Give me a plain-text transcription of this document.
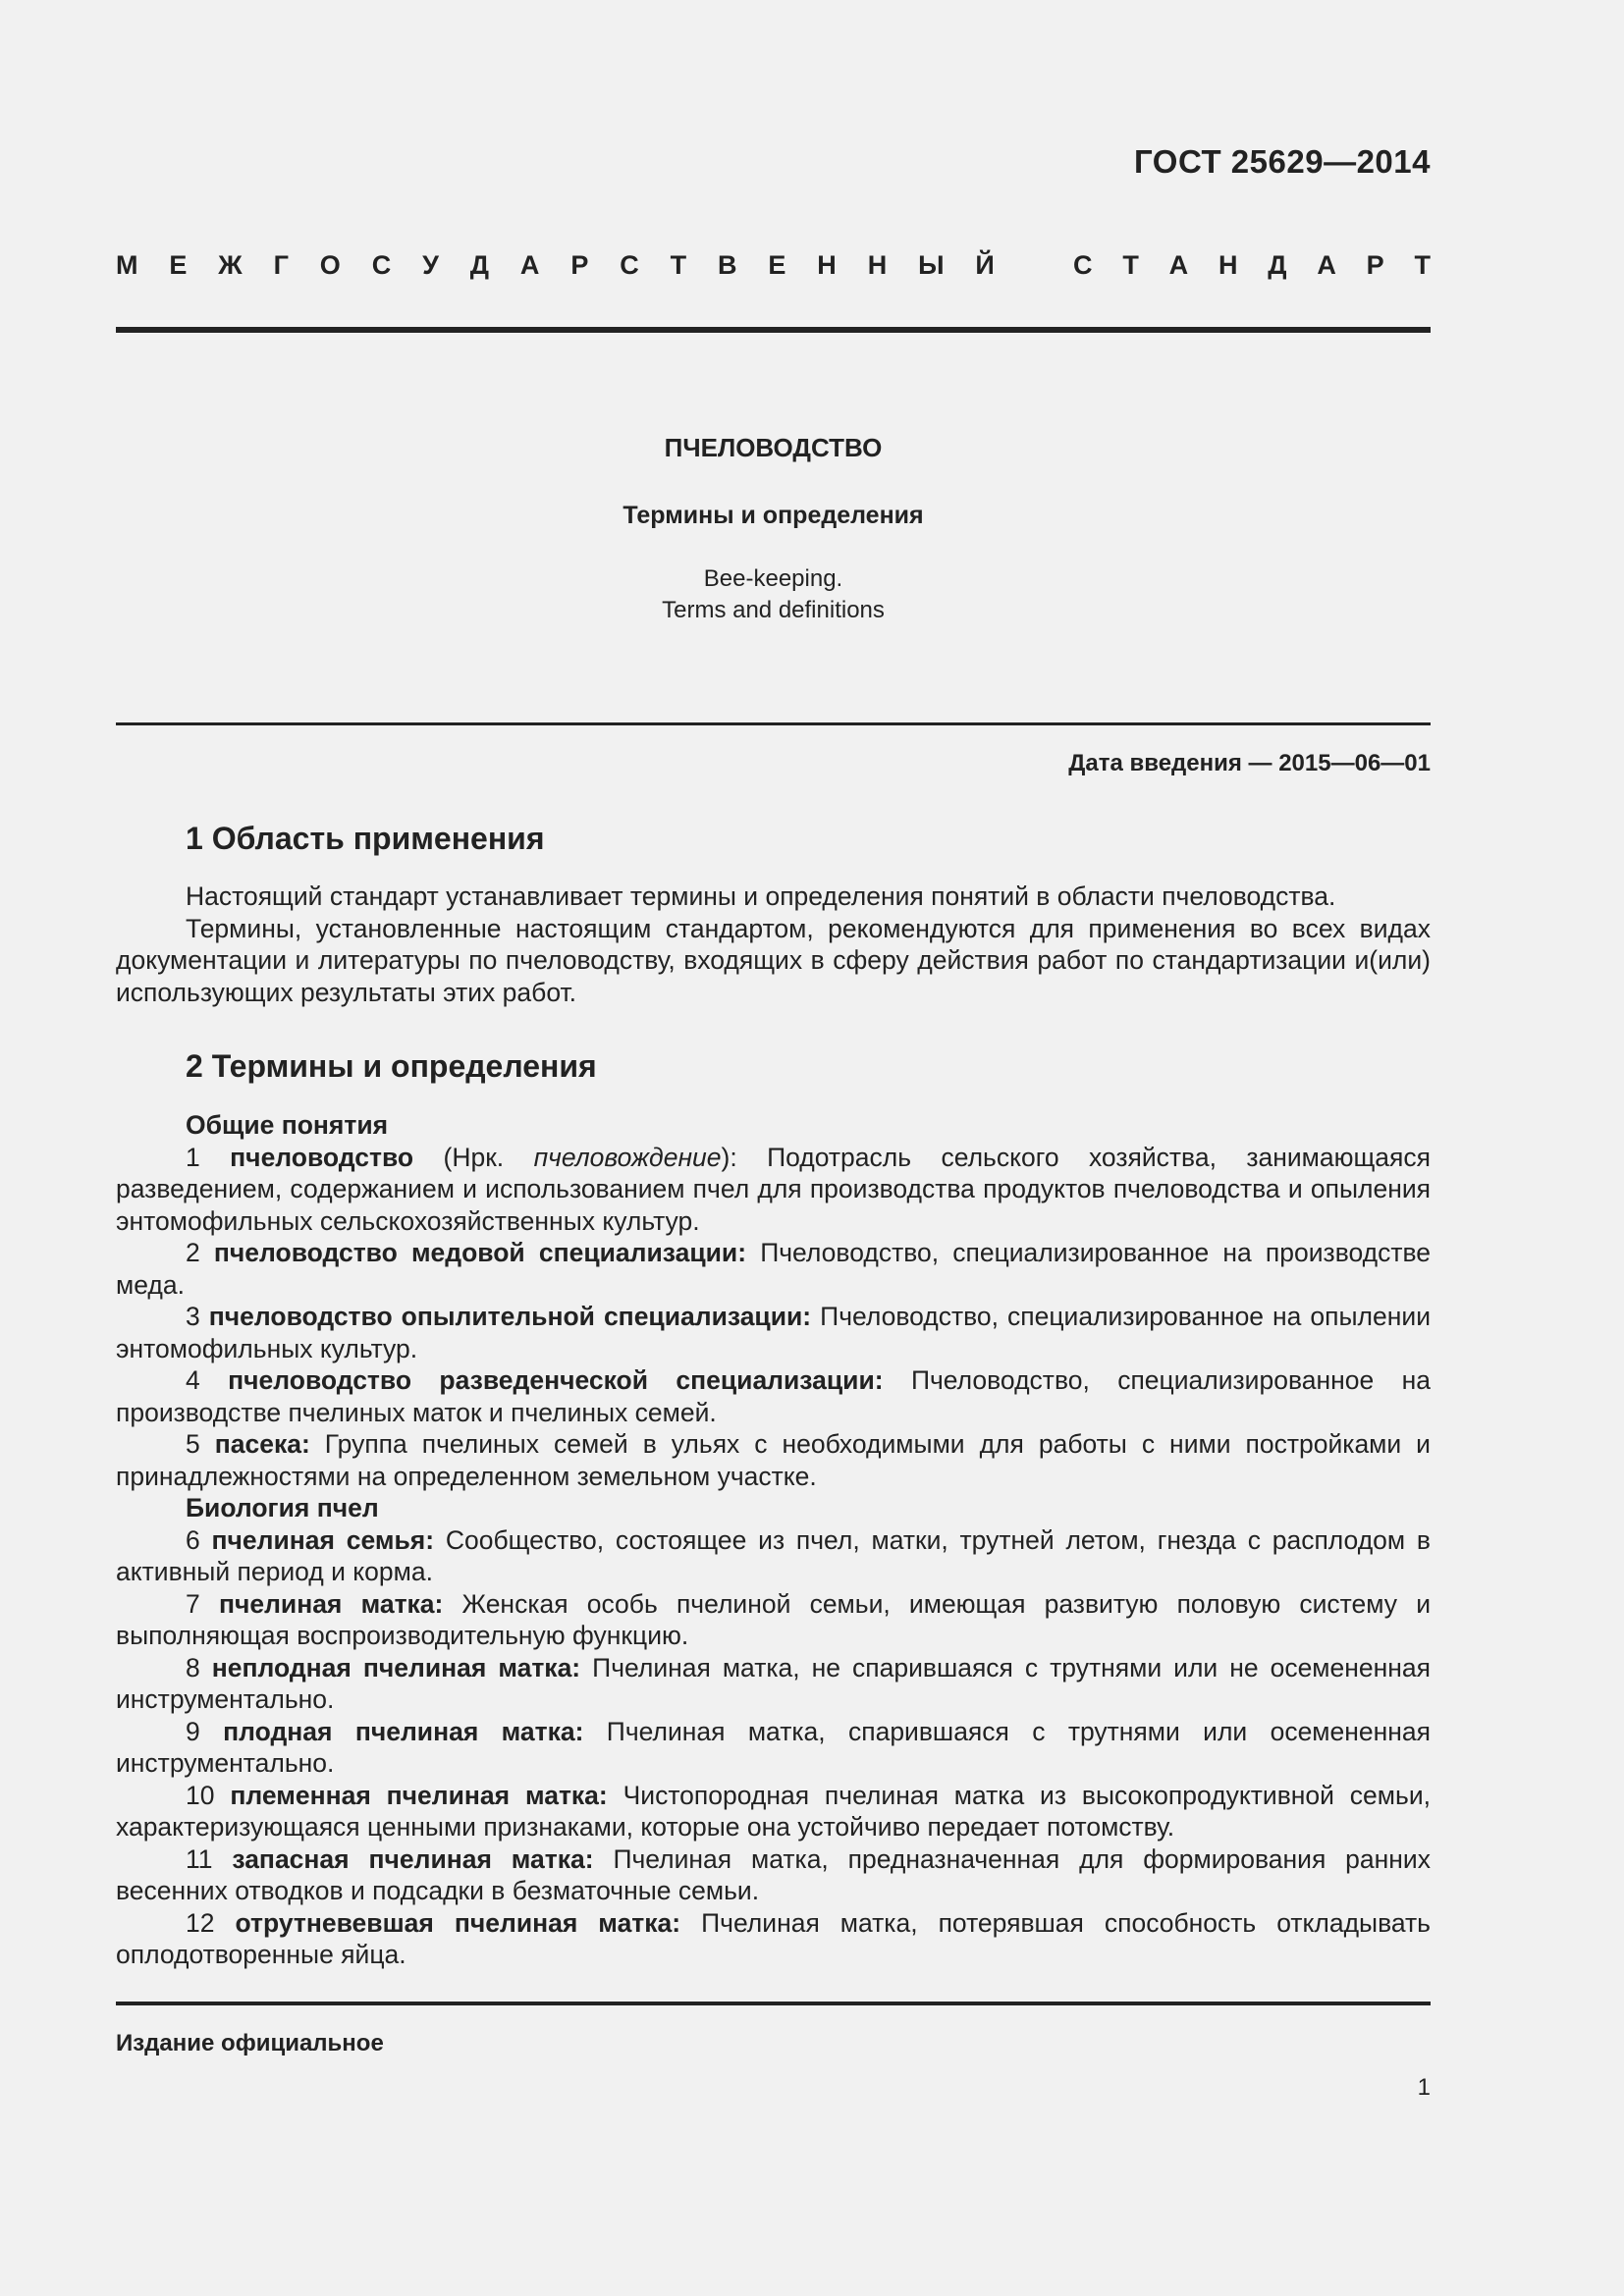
ГОСТ 25629—2014
М Е Ж Г О С У Д А Р С Т В Е Н Н Ы Й	С Т А Н Д А Р Т
ПЧЕЛОВОДСТВО
Термины и определения
Bee-keeping.
Terms and definitions
Дата введения — 2015—06—01
1 Область применения

Настоящий стандарт устанавливает термины и определения понятий в области пчеловодства.

Термины, установленные настоящим стандартом, рекомендуются для применения во всех видах документации и литературы по пчеловодству, входящих в сферу действия работ по стандартизации и(или) использующих результаты этих работ.

2 Термины и определения

Общие понятия

1 пчеловодство (Нрк. пчеловождение): Подотрасль сельского хозяйства, занимающаяся разведением, содержанием и использованием пчел для производства продуктов пчеловодства и опыления энтомофильных сельскохозяйственных культур.

2 пчеловодство медовой специализации: Пчеловодство, специализированное на производстве меда.

3 пчеловодство опылительной специализации: Пчеловодство, специализированное на опылении энтомофильных культур.

4 пчеловодство разведенческой специализации: Пчеловодство, специализированное на производстве пчелиных маток и пчелиных семей.

5 пасека: Группа пчелиных семей в ульях с необходимыми для работы с ними постройками и принадлежностями на определенном земельном участке.

Биология пчел

6 пчелиная семья: Сообщество, состоящее из пчел, матки, трутней летом, гнезда с расплодом в активный период и корма.

7 пчелиная матка: Женская особь пчелиной семьи, имеющая развитую половую систему и выполняющая воспроизводительную функцию.

8 неплодная пчелиная матка: Пчелиная матка, не спарившаяся с трутнями или не осемененная инструментально.

9 плодная пчелиная матка: Пчелиная матка, спарившаяся с трутнями или осемененная инструментально.

10 племенная пчелиная матка: Чистопородная пчелиная матка из высокопродуктивной семьи, характеризующаяся ценными признаками, которые она устойчиво передает потомству.

11 запасная пчелиная матка: Пчелиная матка, предназначенная для формирования ранних весенних отводков и подсадки в безматочные семьи.

12 отрутневевшая пчелиная матка: Пчелиная матка, потерявшая способность откладывать оплодотворенные яйца.

Издание официальное
1
